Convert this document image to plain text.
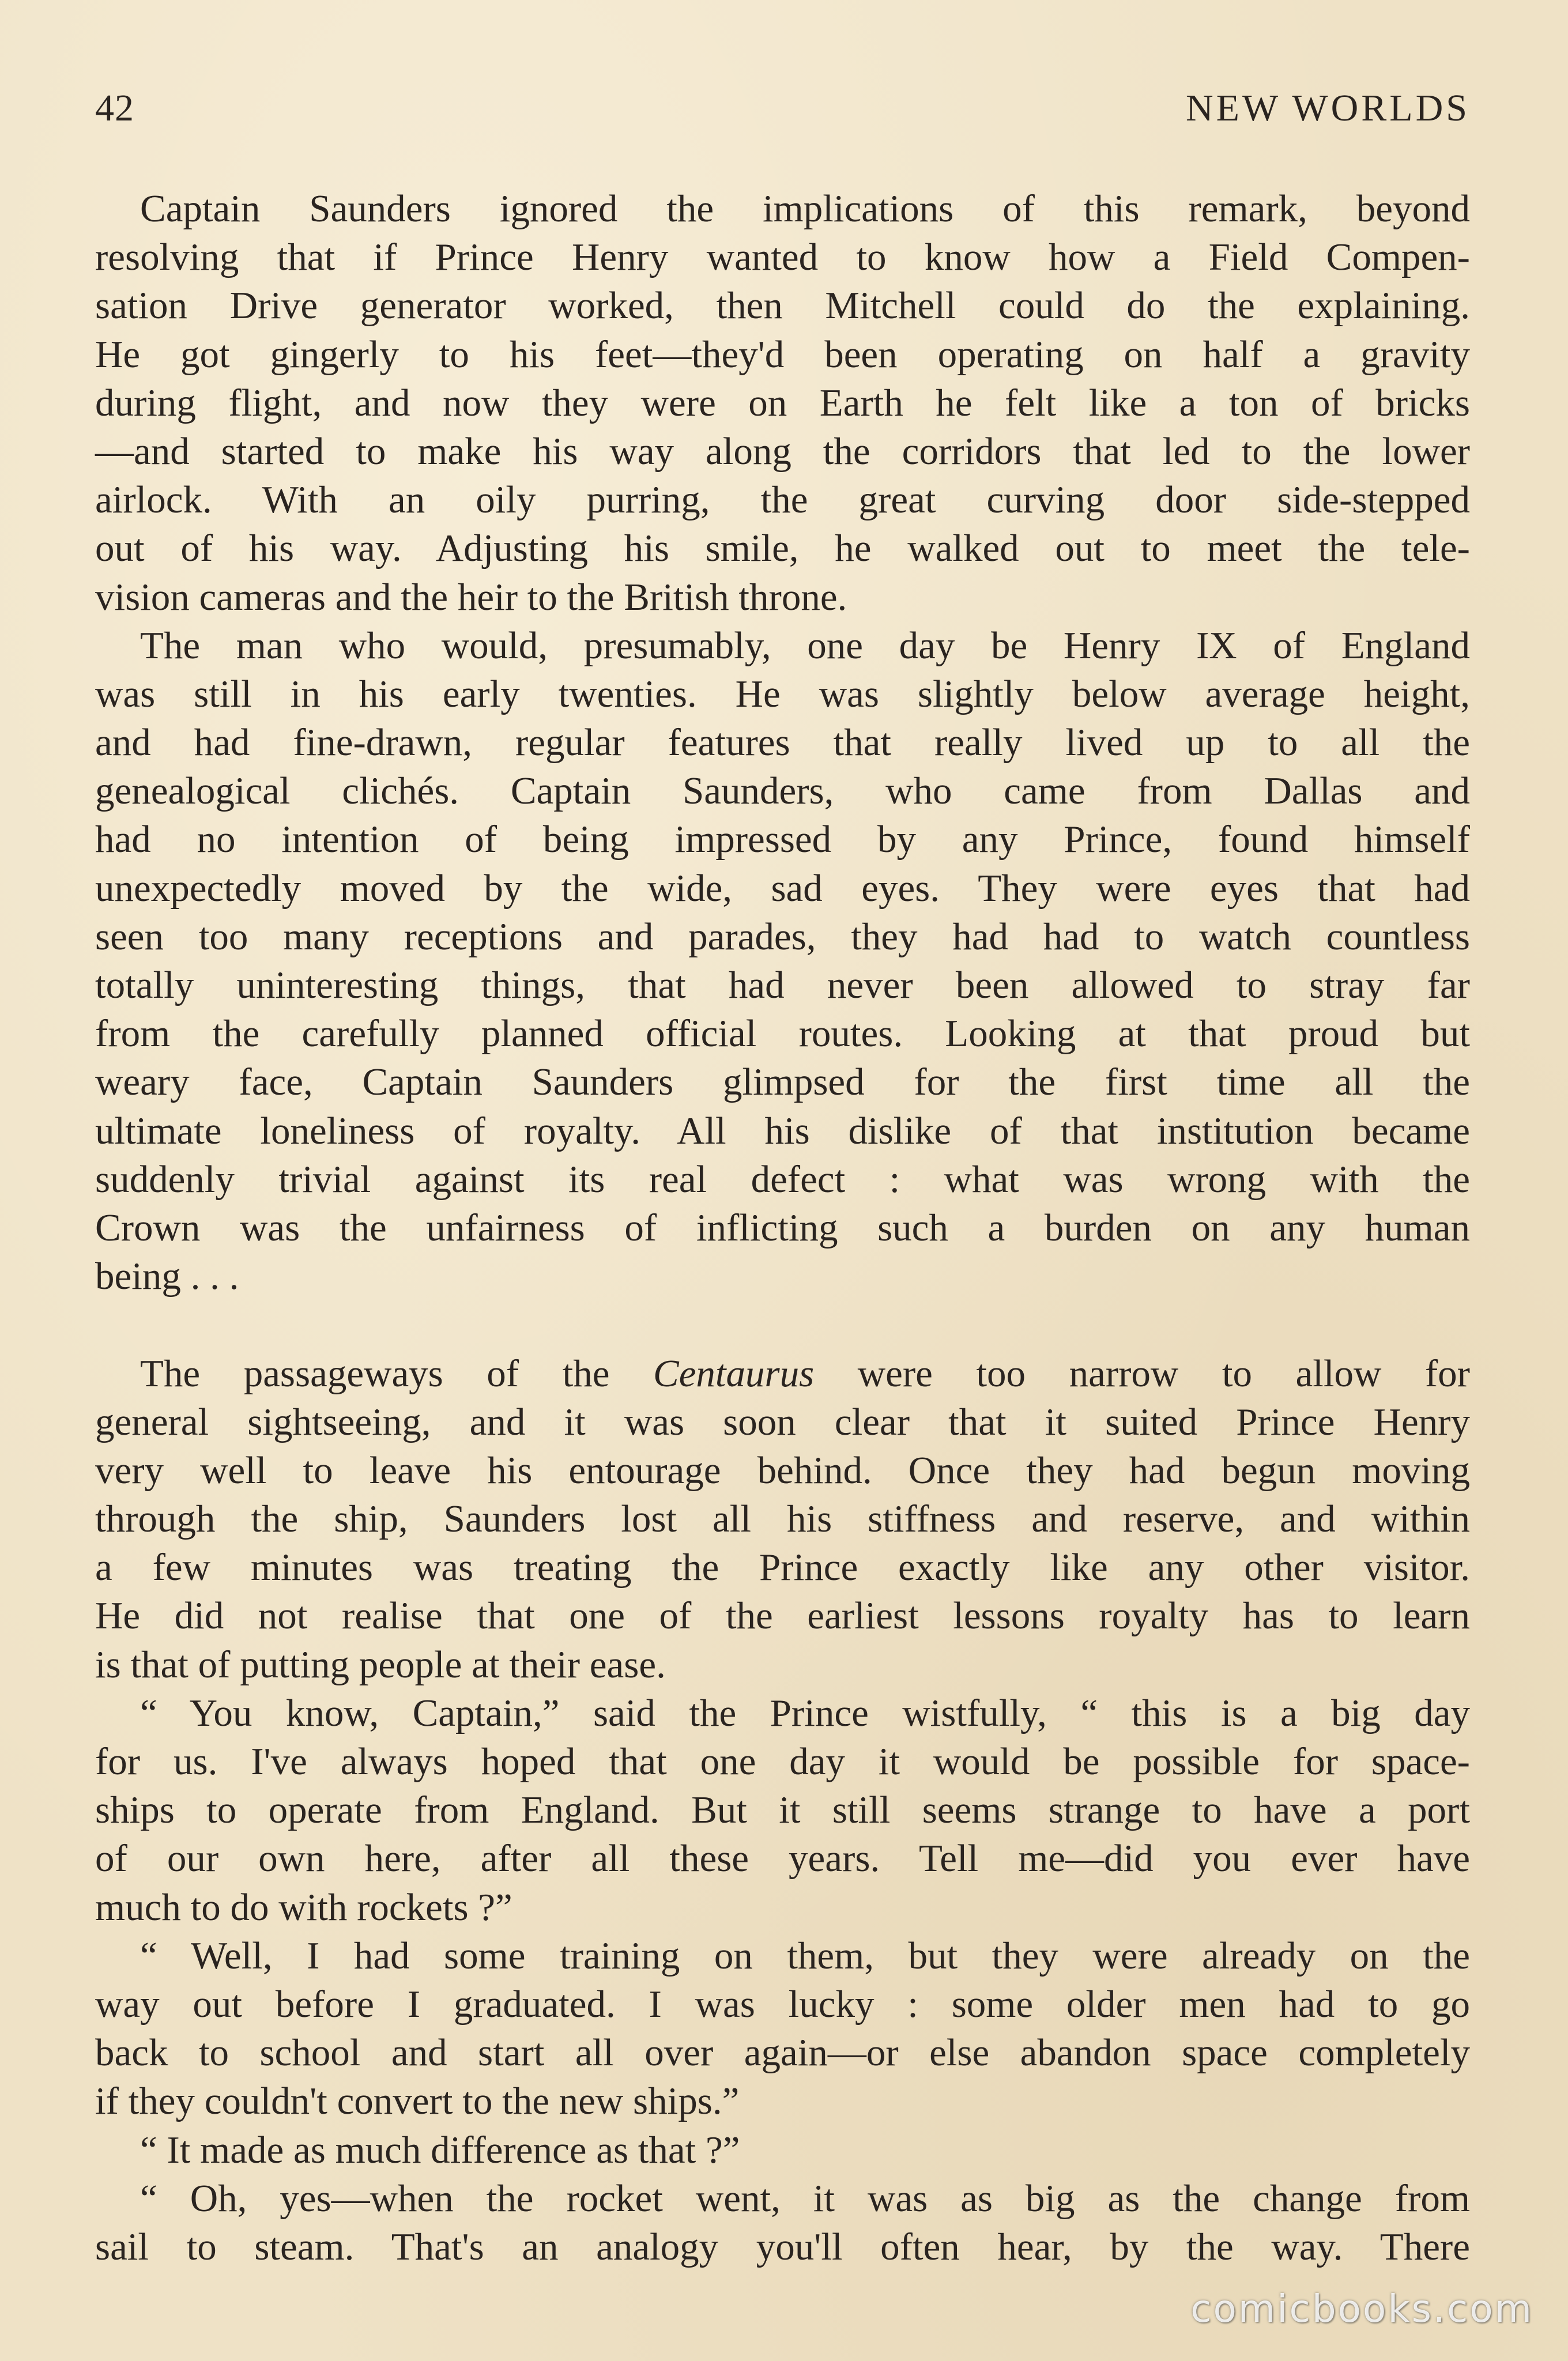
42	NEW WORLDS
Captain Saunders ignored the implications of this remark, beyond
resolving that if Prince Henry wanted to know how a Field Compen-
sation Drive generator worked, then Mitchell could do the explaining.
He got gingerly to his feet—they'd been operating on half a gravity
during flight, and now they were on Earth he felt like a ton of bricks
—and started to make his way along the corridors that led to the lower
airlock. With an oily purring, the great curving door side-stepped
out of his way. Adjusting his smile, he walked out to meet the tele-
vision cameras and the heir to the British throne.
The man who would, presumably, one day be Henry IX of England
was still in his early twenties. He was slightly below average height,
and had fine-drawn, regular features that really lived up to all the
genealogical clichés. Captain Saunders, who came from Dallas and
had no intention of being impressed by any Prince, found himself
unexpectedly moved by the wide, sad eyes. They were eyes that had
seen too many receptions and parades, they had had to watch countless
totally uninteresting things, that had never been allowed to stray far
from the carefully planned official routes. Looking at that proud but
weary face, Captain Saunders glimpsed for the first time all the
ultimate loneliness of royalty. All his dislike of that institution became
suddenly trivial against its real defect : what was wrong with the
Crown was the unfairness of inflicting such a burden on any human
being . . .
The passageways of the Centaurus were too narrow to allow for
general sightseeing, and it was soon clear that it suited Prince Henry
very well to leave his entourage behind. Once they had begun moving
through the ship, Saunders lost all his stiffness and reserve, and within
a few minutes was treating the Prince exactly like any other visitor.
He did not realise that one of the earliest lessons royalty has to learn
is that of putting people at their ease.
“ You know, Captain,” said the Prince wistfully, “ this is a big day
for us. I've always hoped that one day it would be possible for space-
ships to operate from England. But it still seems strange to have a port
of our own here, after all these years. Tell me—did you ever have
much to do with rockets ?”
“ Well, I had some training on them, but they were already on the
way out before I graduated. I was lucky : some older men had to go
back to school and start all over again—or else abandon space completely
if they couldn't convert to the new ships.”
“ It made as much difference as that ?”
“ Oh, yes—when the rocket went, it was as big as the change from
sail to steam. That's an analogy you'll often hear, by the way. There
comicbooks.com
